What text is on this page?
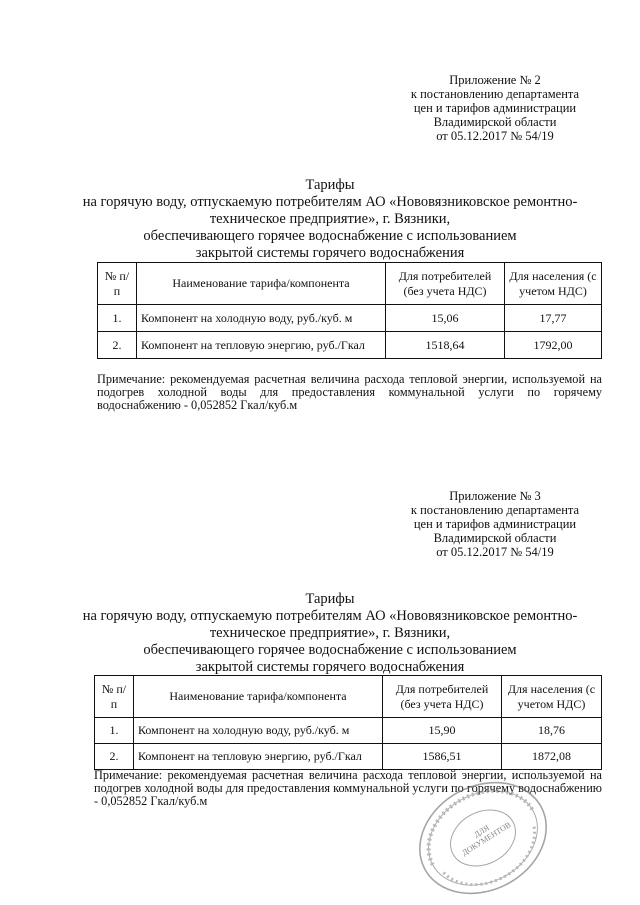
Приложение № 2
к постановлению департамента
цен и тарифов администрации
Владимирской области
от 05.12.2017 № 54/19
Тарифы
на горячую воду, отпускаемую потребителям АО «Нововязниковское ремонтно-
техническое предприятие», г. Вязники,
обеспечивающего горячее водоснабжение с использованием
закрытой системы горячего водоснабжения
№ п/п	Наименование тарифа/компонента	Для потребителей (без учета НДС)	Для населения (с учетом НДС)
1.	Компонент на холодную воду, руб./куб. м	15,06	17,77
2.	Компонент на тепловую энергию, руб./Гкал	1518,64	1792,00
Примечание: рекомендуемая расчетная величина расхода тепловой энергии, используемой на подогрев холодной воды для предоставления коммунальной услуги по горячему водоснабжению - 0,052852 Гкал/куб.м
Приложение № 3
к постановлению департамента
цен и тарифов администрации
Владимирской области
от 05.12.2017 № 54/19
Тарифы
на горячую воду, отпускаемую потребителям АО «Нововязниковское ремонтно-
техническое предприятие», г. Вязники,
обеспечивающего горячее водоснабжение с использованием
закрытой системы горячего водоснабжения
№ п/п	Наименование тарифа/компонента	Для потребителей (без учета НДС)	Для населения (с учетом НДС)
1.	Компонент на холодную воду, руб./куб. м	15,90	18,76
2.	Компонент на тепловую энергию, руб./Гкал	1586,51	1872,08
Примечание: рекомендуемая расчетная величина расхода тепловой энергии, используемой на подогрев холодной воды для предоставления коммунальной услуги по горячему водоснабжению - 0,052852 Гкал/куб.м
ДЛЯ ДОКУМЕНТОВ
